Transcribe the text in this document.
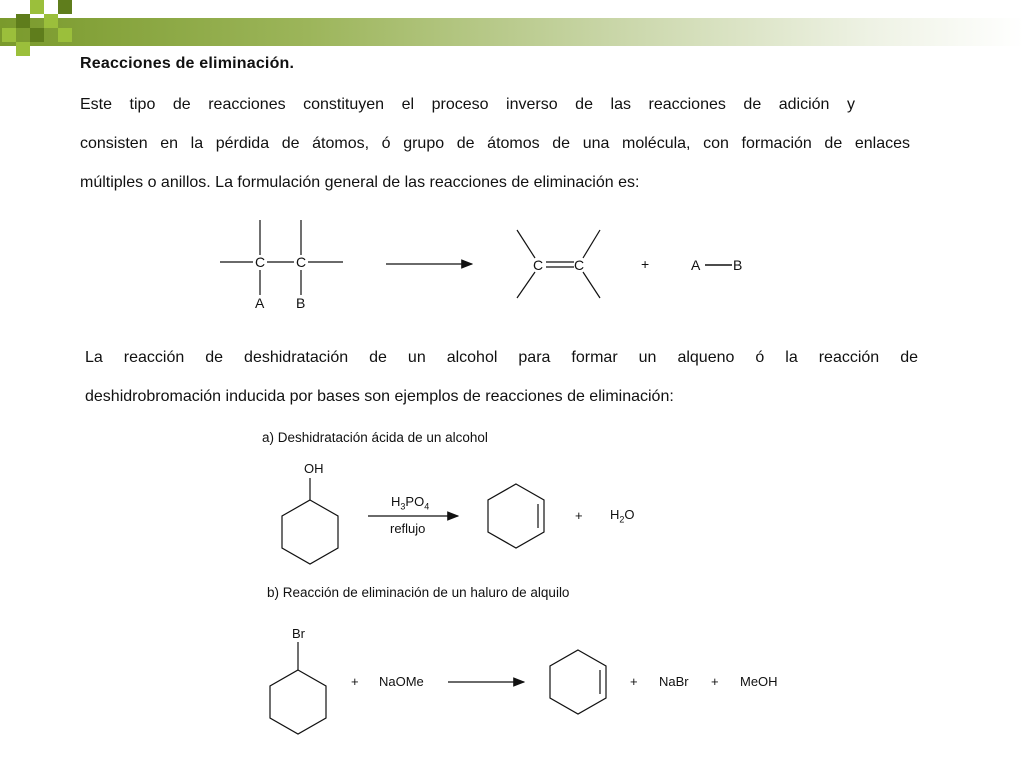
Reacciones de eliminación.
Este tipo de reacciones constituyen el proceso inverso de las reacciones de adición y
consisten en la pérdida de átomos, ó grupo de átomos de una molécula, con formación de enlaces
múltiples o anillos. La formulación general de las reacciones de eliminación es:
La reacción de deshidratación de un alcohol para formar un alqueno ó la reacción de
deshidrobromación inducida por bases son ejemplos de reacciones de eliminación:
C C
A B
C C	+	A B
a) Deshidratación ácida de un alcohol
OH
$H_3PO_4$
reflujo
+ $H_2O$
b) Reacción de eliminación de un haluro de alquilo
Br
+ NaOMe	+ NaBr + MeOH
